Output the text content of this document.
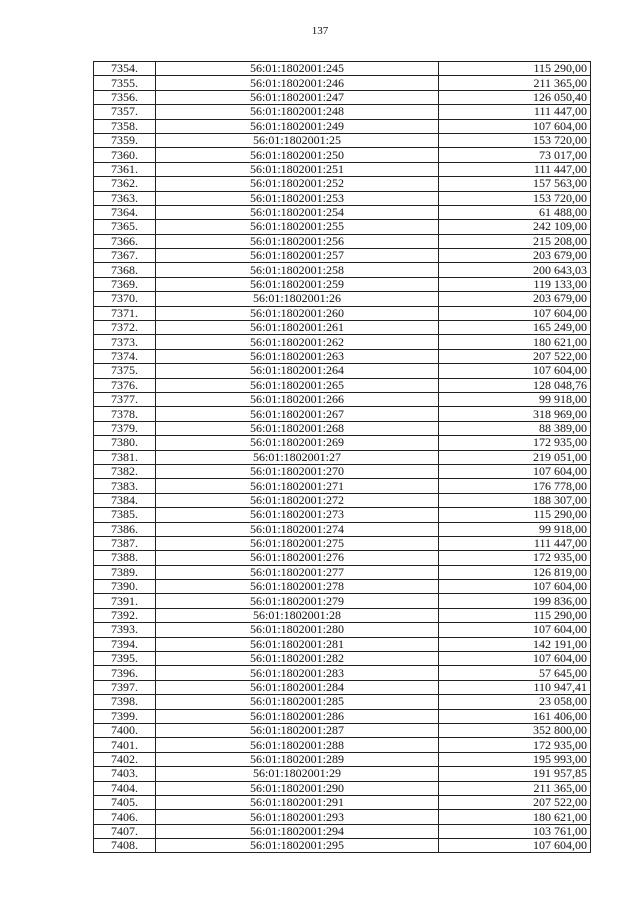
137
7354.	56:01:1802001:245	115 290,00
7355.	56:01:1802001:246	211 365,00
7356.	56:01:1802001:247	126 050,40
7357.	56:01:1802001:248	111 447,00
7358.	56:01:1802001:249	107 604,00
7359.	56:01:1802001:25	153 720,00
7360.	56:01:1802001:250	73 017,00
7361.	56:01:1802001:251	111 447,00
7362.	56:01:1802001:252	157 563,00
7363.	56:01:1802001:253	153 720,00
7364.	56:01:1802001:254	61 488,00
7365.	56:01:1802001:255	242 109,00
7366.	56:01:1802001:256	215 208,00
7367.	56:01:1802001:257	203 679,00
7368.	56:01:1802001:258	200 643,03
7369.	56:01:1802001:259	119 133,00
7370.	56:01:1802001:26	203 679,00
7371.	56:01:1802001:260	107 604,00
7372.	56:01:1802001:261	165 249,00
7373.	56:01:1802001:262	180 621,00
7374.	56:01:1802001:263	207 522,00
7375.	56:01:1802001:264	107 604,00
7376.	56:01:1802001:265	128 048,76
7377.	56:01:1802001:266	99 918,00
7378.	56:01:1802001:267	318 969,00
7379.	56:01:1802001:268	88 389,00
7380.	56:01:1802001:269	172 935,00
7381.	56:01:1802001:27	219 051,00
7382.	56:01:1802001:270	107 604,00
7383.	56:01:1802001:271	176 778,00
7384.	56:01:1802001:272	188 307,00
7385.	56:01:1802001:273	115 290,00
7386.	56:01:1802001:274	99 918,00
7387.	56:01:1802001:275	111 447,00
7388.	56:01:1802001:276	172 935,00
7389.	56:01:1802001:277	126 819,00
7390.	56:01:1802001:278	107 604,00
7391.	56:01:1802001:279	199 836,00
7392.	56:01:1802001:28	115 290,00
7393.	56:01:1802001:280	107 604,00
7394.	56:01:1802001:281	142 191,00
7395.	56:01:1802001:282	107 604,00
7396.	56:01:1802001:283	57 645,00
7397.	56:01:1802001:284	110 947,41
7398.	56:01:1802001:285	23 058,00
7399.	56:01:1802001:286	161 406,00
7400.	56:01:1802001:287	352 800,00
7401.	56:01:1802001:288	172 935,00
7402.	56:01:1802001:289	195 993,00
7403.	56:01:1802001:29	191 957,85
7404.	56:01:1802001:290	211 365,00
7405.	56:01:1802001:291	207 522,00
7406.	56:01:1802001:293	180 621,00
7407.	56:01:1802001:294	103 761,00
7408.	56:01:1802001:295	107 604,00
